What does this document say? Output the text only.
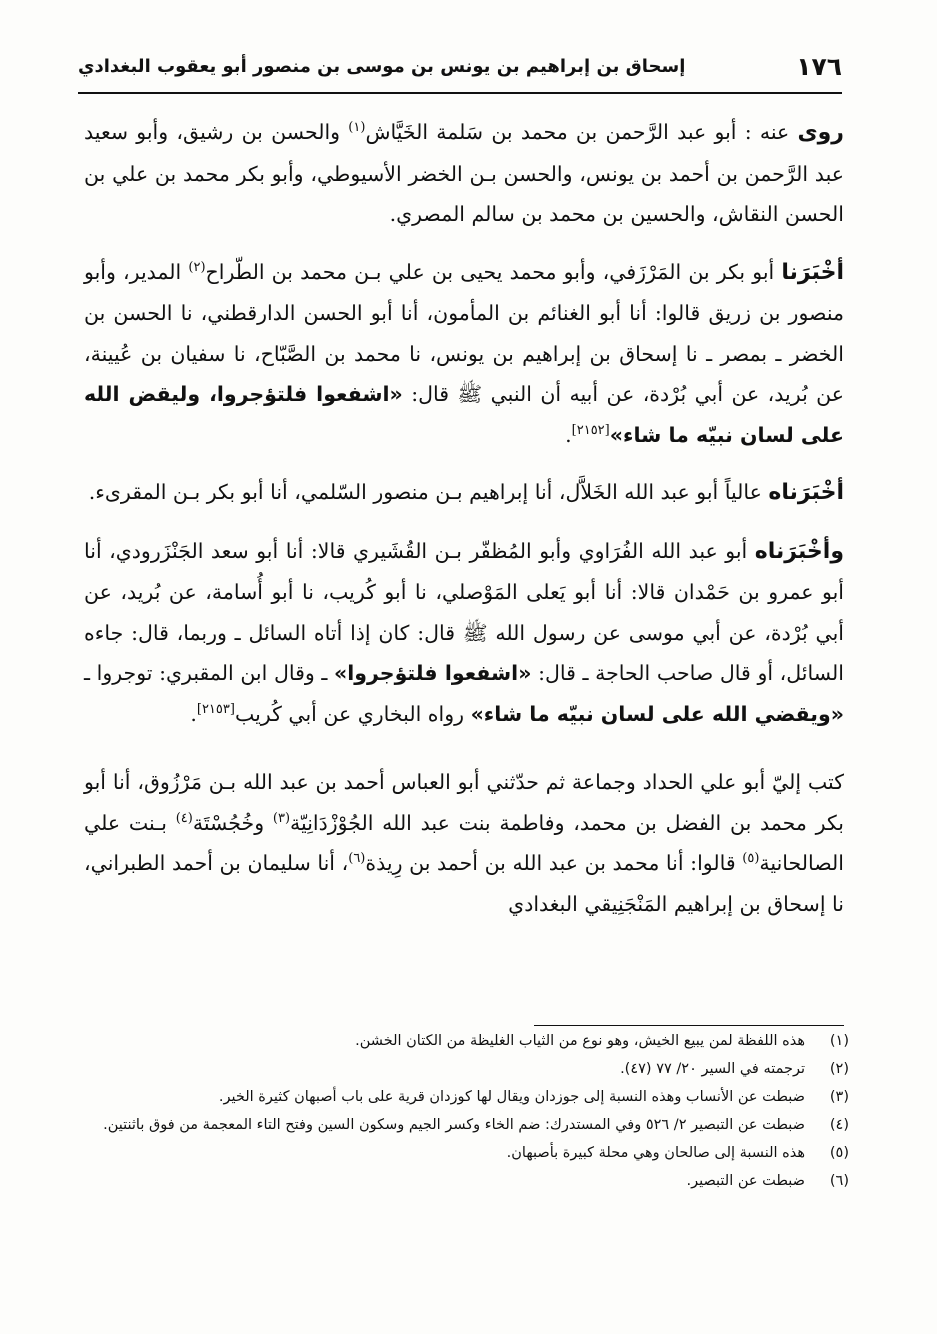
١٧٦
إسحاق بن إبراهيم بن يونس بن موسى بن منصور أبو يعقوب البغدادي

روى عنه : أبو عبد الرَّحمن بن محمد بن سَلمة الخَيَّاش$^{(١)}$ والحسن بن رشيق، وأبو سعيد عبد الرَّحمن بن أحمد بن يونس، والحسن بـن الخضر الأسيوطي، وأبو بكر محمد بن علي بن الحسن النقاش، والحسين بن محمد بن سالم المصري.

أخْبَرَنا أبو بكر بن المَرْزَفي، وأبو محمد يحيى بن علي بـن محمد بن الطّراح$^{(٢)}$ المدير، وأبو منصور بن زريق قالوا: أنا أبو الغنائم بن المأمون، أنا أبو الحسن الدارقطني، نا الحسن بن الخضر ـ بمصر ـ نا إسحاق بن إبراهيم بن يونس، نا محمد بن الصَّبّاح، نا سفيان بن عُيينة، عن بُريد، عن أبي بُرْدة، عن أبيه أن النبي ﷺ قال: «اشفعوا فلتؤجروا، وليقض الله على لسان نبيّه ما شاء»[٢١٥٢].

أخْبَرَناه عالياً أبو عبد الله الخَلاَّل، أنا إبراهيم بـن منصور السّلمي، أنا أبو بكر بـن المقرىء.

وأخْبَرَناه أبو عبد الله الفُرَاوي وأبو المُظفّر بـن القُشَيري قالا: أنا أبو سعد الجَنْزَرودي، أنا أبو عمرو بن حَمْدان قالا: أنا أبو يَعلى المَوْصلي، نا أبو كُريب، نا أبو أُسامة، عن بُريد، عن أبي بُرْدة، عن أبي موسى عن رسول الله ﷺ قال: كان إذا أتاه السائل ـ وربما، قال: جاءه السائل، أو قال صاحب الحاجة ـ قال: «اشفعوا فلتؤجروا» ـ وقال ابن المقبري: توجروا ـ «ويقضي الله على لسان نبيّه ما شاء» رواه البخاري عن أبي كُريب[٢١٥٣].

كتب إليّ أبو علي الحداد وجماعة ثم حدّثني أبو العباس أحمد بن عبد الله بـن مَرْزُوق، أنا أبو بكر محمد بن الفضل بن محمد، وفاطمة بنت عبد الله الجُوْزْدَانِيّة$^{(٣)}$ وخُجُسْتَة$^{(٤)}$ بـنت علي الصالحانية$^{(٥)}$ قالوا: أنا محمد بن عبد الله بن أحمد بن رِيذة$^{(٦)}$، أنا سليمان بن أحمد الطبراني، نا إسحاق بن إبراهيم المَنْجَنِيقي البغدادي

(١)
هذه اللفظة لمن يبيع الخيش، وهو نوع من الثياب الغليظة من الكتان الخشن.
(٢)
ترجمته في السير ٢٠/ ٧٧ (٤٧).
(٣)
ضبطت عن الأنساب وهذه النسبة إلى جوزدان ويقال لها كوزدان قرية على باب أصبهان كثيرة الخير.
(٤)
ضبطت عن التبصير ٢/ ٥٢٦ وفي المستدرك: ضم الخاء وكسر الجيم وسكون السين وفتح التاء المعجمة من فوق باثنتين.
(٥)
هذه النسبة إلى صالحان وهي محلة كبيرة بأصبهان.
(٦)
ضبطت عن التبصير.
